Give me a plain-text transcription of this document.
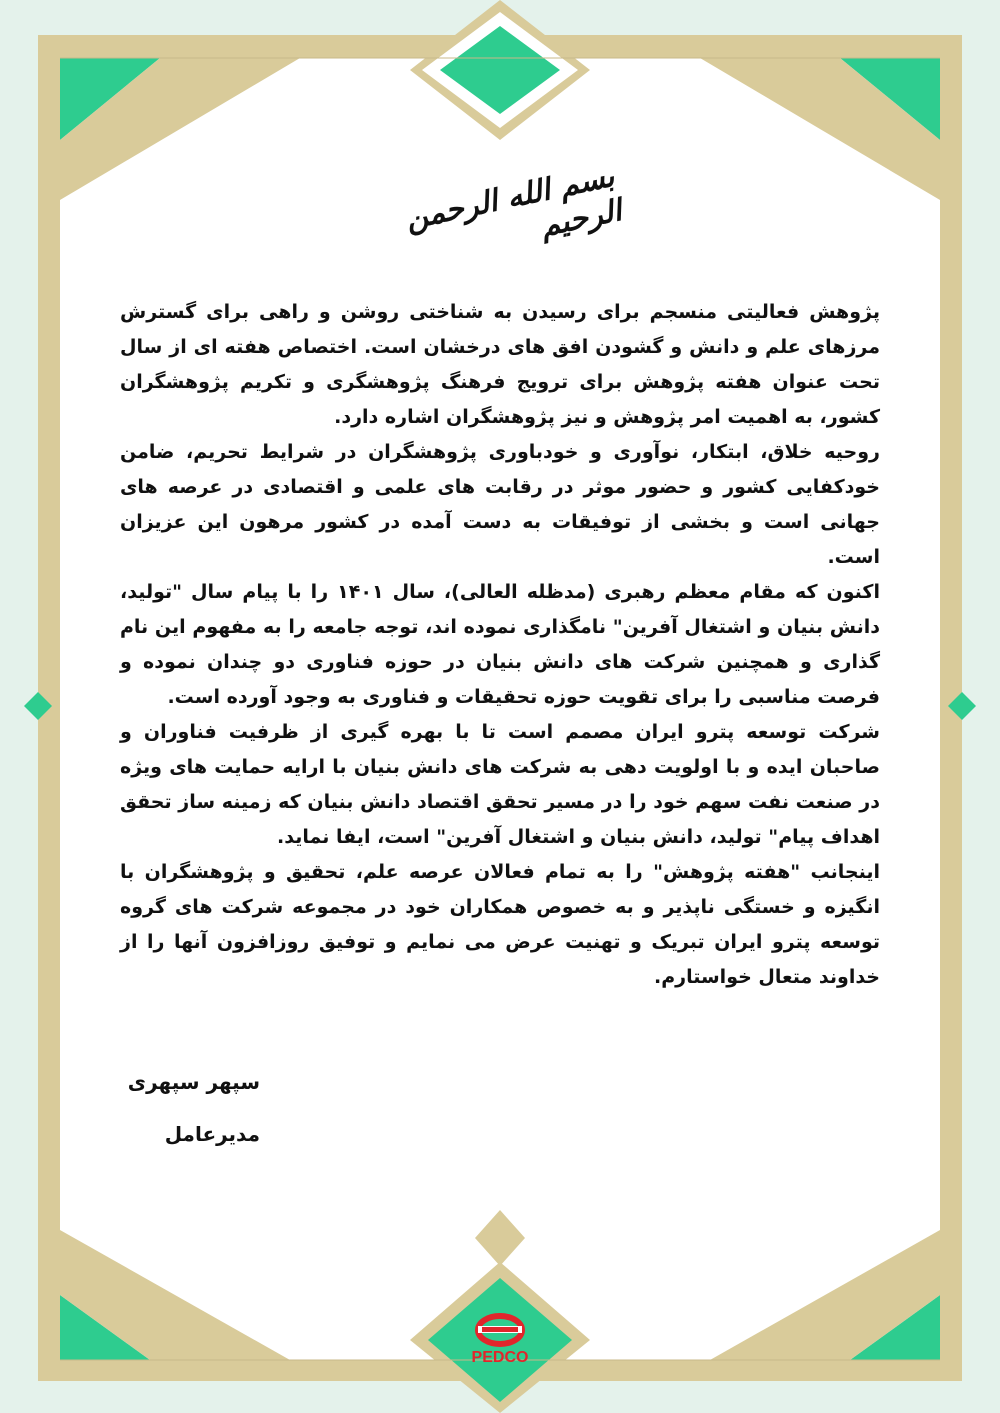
بسم الله الرحمن الرحیم

پژوهش فعالیتی منسجم برای رسیدن به شناختی روشن و راهی برای گسترش مرزهای علم و دانش و گشودن افق های درخشان است. اختصاص هفته ای از سال تحت عنوان هفته پژوهش برای ترویج فرهنگ پژوهشگری و تکریم پژوهشگران کشور، به اهمیت امر پژوهش و نیز پژوهشگران اشاره دارد.

روحیه خلاق، ابتکار، نوآوری و خودباوری پژوهشگران در شرایط تحریم، ضامن خودکفایی کشور و حضور موثر در رقابت های علمی و اقتصادی در عرصه های جهانی است و بخشی از توفیقات به دست آمده در کشور مرهون این عزیزان است.

اکنون که مقام معظم رهبری (مدظله العالی)، سال ۱۴۰۱ را با پیام سال "تولید، دانش بنیان و اشتغال آفرین" نامگذاری نموده اند، توجه جامعه را به مفهوم این نام گذاری و همچنین شرکت های دانش بنیان در حوزه فناوری دو چندان نموده و فرصت مناسبی را برای تقویت حوزه تحقیقات و فناوری به وجود آورده است.

شرکت توسعه پترو ایران مصمم است تا با بهره گیری از ظرفیت فناوران و صاحبان ایده و با اولویت دهی به شرکت های دانش بنیان با ارایه حمایت های ویژه در صنعت نفت سهم خود را در مسیر تحقق اقتصاد دانش بنیان که زمینه ساز تحقق اهداف پیام" تولید، دانش بنیان و اشتغال آفرین" است، ایفا نماید.

اینجانب "هفته پژوهش" را به تمام فعالان عرصه علم، تحقیق و پژوهشگران با انگیزه و خستگی ناپذیر و به خصوص همکاران خود در مجموعه شرکت های گروه توسعه پترو ایران تبریک و تهنیت عرض می نمایم و توفیق روزافزون آنها را از خداوند متعال خواستارم.

سپهر سپهری
مدیرعامل
PEDCO
